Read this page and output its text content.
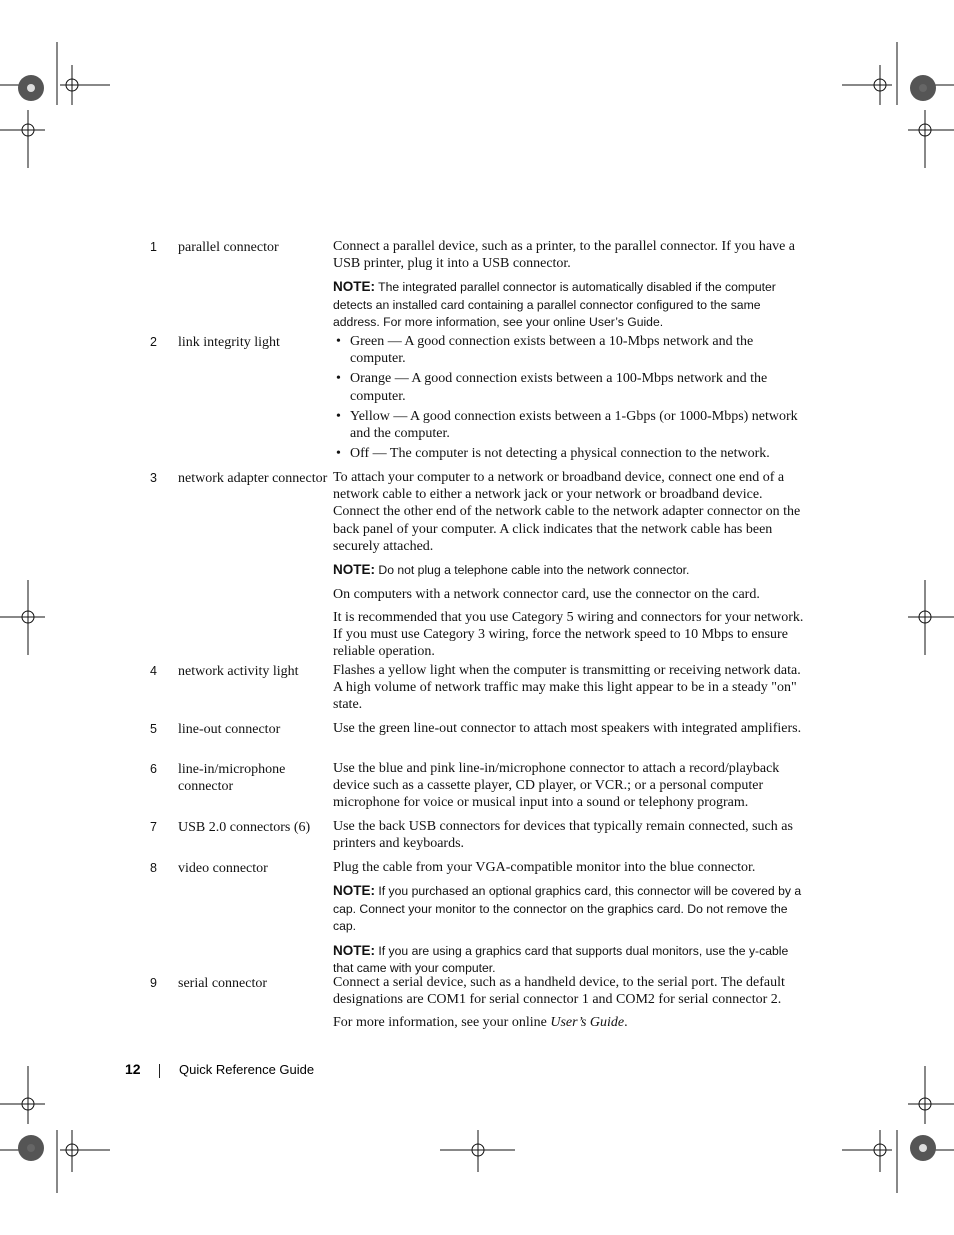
1	parallel connector	Connect a parallel device, such as a printer, to the parallel connector. If you have a USB printer, plug it into a USB connector.

NOTE: The integrated parallel connector is automatically disabled if the computer detects an installed card containing a parallel connector configured to the same address. For more information, see your online User’s Guide.

2	link integrity light
•	Green — A good connection exists between a 10-Mbps network and the computer.
• Orange — A good connection exists between a 100-Mbps network and the computer.
• Yellow — A good connection exists between a 1-Gbps (or 1000-Mbps) network and the computer.
• Off — The computer is not detecting a physical connection to the network.
3	network adapter connector To attach your computer to a network or broadband device, connect one end of a network cable to either a network jack or your network or broadband device. Connect the other end of the network cable to the network adapter connector on the back panel of your computer. A click indicates that the network cable has been securely attached.

NOTE: Do not plug a telephone cable into the network connector.

On computers with a network connector card, use the connector on the card.

It is recommended that you use Category 5 wiring and connectors for your network. If you must use Category 3 wiring, force the network speed to 10 Mbps to ensure reliable operation.

4	network activity light	Flashes a yellow light when the computer is transmitting or receiving network data. A high volume of network traffic may make this light appear to be in a steady "on" state.

5	line-out connector	Use the green line-out connector to attach most speakers with integrated amplifiers.

6	line-in/microphone connector

Use the blue and pink line-in/microphone connector to attach a record/playback device such as a cassette player, CD player, or VCR.; or a personal computer microphone for voice or musical input into a sound or telephony program.

7	USB 2.0 connectors (6)	Use the back USB connectors for devices that typically remain connected, such as printers and keyboards.

8	video connector	Plug the cable from your VGA-compatible monitor into the blue connector.

NOTE: If you purchased an optional graphics card, this connector will be covered by a cap. Connect your monitor to the connector on the graphics card. Do not remove the cap.

NOTE: If you are using a graphics card that supports dual monitors, use the y-cable that came with your computer.

9	serial connector	Connect a serial device, such as a handheld device, to the serial port. The default designations are COM1 for serial connector 1 and COM2 for serial connector 2.

For more information, see your online User’s Guide.

12	Quick Reference Guide
